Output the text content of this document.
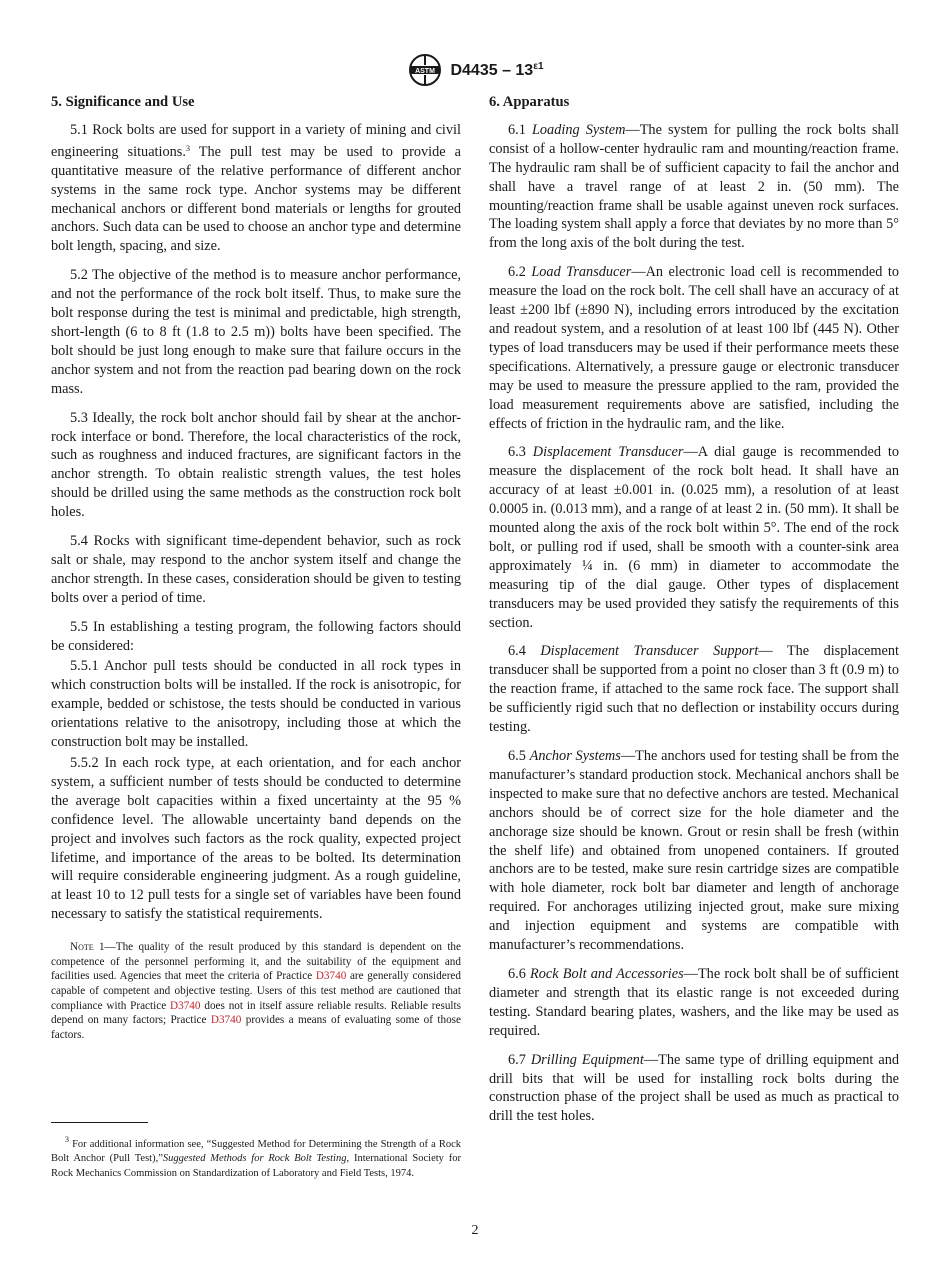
ASTM $D4435 - 13^{\varepsilon 1}$
5. Significance and Use

5.1 Rock bolts are used for support in a variety of mining and civil engineering situations.$^3$ The pull test may be used to provide a quantitative measure of the relative performance of different anchor systems in the same rock type. Anchor systems may be different mechanical anchors or different bond materials or lengths for grouted anchors. Such data can be used to choose an anchor type and determine bolt length, spacing, and size.

5.2 The objective of the method is to measure anchor performance, and not the performance of the rock bolt itself. Thus, to make sure the bolt response during the test is minimal and predictable, high strength, short-length (6 to 8 ft (1.8 to 2.5 m)) bolts have been specified. The bolt should be just long enough to make sure that failure occurs in the anchor system and not from the reaction pad bearing down on the rock mass.

5.3 Ideally, the rock bolt anchor should fail by shear at the anchor-rock interface or bond. Therefore, the local characteristics of the rock, such as roughness and induced fractures, are significant factors in the anchor strength. To obtain realistic strength values, the test holes should be drilled using the same methods as the construction rock bolt holes.

5.4 Rocks with significant time-dependent behavior, such as rock salt or shale, may respond to the anchor system itself and change the anchor strength. In these cases, consideration should be given to testing bolts over a period of time.

5.5 In establishing a testing program, the following factors should be considered:

5.5.1 Anchor pull tests should be conducted in all rock types in which construction bolts will be installed. If the rock is anisotropic, for example, bedded or schistose, the tests should be conducted in various orientations relative to the anisotropy, including those at which the construction bolt may be installed.

5.5.2 In each rock type, at each orientation, and for each anchor system, a sufficient number of tests should be conducted to determine the average bolt capacities within a fixed uncertainty at the 95 % confidence level. The allowable uncertainty band depends on the project and involves such factors as the rock quality, expected project lifetime, and importance of the areas to be bolted. Its determination will require considerable engineering judgment. As a rough guideline, at least 10 to 12 pull tests for a single set of variables have been found necessary to satisfy the statistical requirements.

Note 1—The quality of the result produced by this standard is dependent on the competence of the personnel performing it, and the suitability of the equipment and facilities used. Agencies that meet the criteria of Practice D3740 are generally considered capable of competent and objective testing. Users of this test method are cautioned that compliance with Practice D3740 does not in itself assure reliable results. Reliable results depend on many factors; Practice D3740 provides a means of evaluating some of those factors.
$^3$ For additional information see, “Suggested Method for Determining the Strength of a Rock Bolt Anchor (Pull Test),”Suggested Methods for Rock Bolt Testing, International Society for Rock Mechanics Commission on Standardization of Laboratory and Field Tests, 1974.
6. Apparatus

6.1 Loading System—The system for pulling the rock bolts shall consist of a hollow-center hydraulic ram and mounting/reaction frame. The hydraulic ram shall be of sufficient capacity to fail the anchor and shall have a travel range of at least 2 in. (50 mm). The mounting/reaction frame shall be usable against uneven rock surfaces. The loading system shall apply a force that deviates by no more than 5° from the long axis of the bolt during the test.

6.2 Load Transducer—An electronic load cell is recommended to measure the load on the rock bolt. The cell shall have an accuracy of at least ±200 lbf (±890 N), including errors introduced by the excitation and readout system, and a resolution of at least 100 lbf (445 N). Other types of load transducers may be used if their performance meets these specifications. Alternatively, a pressure gauge or electronic transducer may be used to measure the pressure applied to the ram, provided the load measurement requirements above are satisfied, including the effects of friction in the hydraulic ram, and the like.

6.3 Displacement Transducer—A dial gauge is recommended to measure the displacement of the rock bolt head. It shall have an accuracy of at least ±0.001 in. (0.025 mm), a resolution of at least 0.0005 in. (0.013 mm), and a range of at least 2 in. (50 mm). It shall be mounted along the axis of the rock bolt within 5°. The end of the rock bolt, or pulling rod if used, shall be smooth with a counter-sink area approximately ¼ in. (6 mm) in diameter to accommodate the measuring tip of the dial gauge. Other types of displacement transducers may be used provided they satisfy the requirements of this section.

6.4 Displacement Transducer Support— The displacement transducer shall be supported from a point no closer than 3 ft (0.9 m) to the reaction frame, if attached to the same rock face. The support shall be sufficiently rigid such that no deflection or instability occurs during testing.

6.5 Anchor Systems—The anchors used for testing shall be from the manufacturer’s standard production stock. Mechanical anchors shall be inspected to make sure that no defective anchors are tested. Mechanical anchors should be of correct size for the hole diameter and the anchorage size should be known. Grout or resin shall be fresh (within the shelf life) and obtained from unopened containers. If grouted anchors are to be tested, make sure resin cartridge sizes are compatible with hole diameter, rock bolt bar diameter and length of anchorage required. For anchorages utilizing injected grout, make sure mixing and injection equipment and systems are compatible with manufacturer’s recommendations.

6.6 Rock Bolt and Accessories—The rock bolt shall be of sufficient diameter and strength that its elastic range is not exceeded during testing. Standard bearing plates, washers, and the like may be used as required.

6.7 Drilling Equipment—The same type of drilling equipment and drill bits that will be used for installing rock bolts during the construction phase of the project shall be used as much as practical to drill the test holes.

2
